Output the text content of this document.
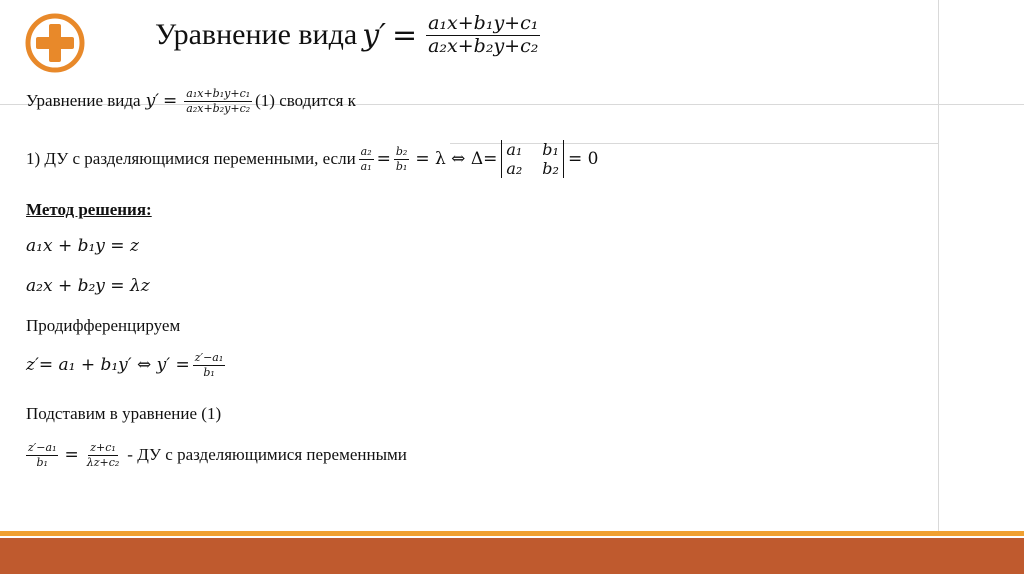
Уравнение вида $y' = \frac{\text{a₁x+b₁y+c₁}}{\text{a₂x+b₂y+c₂}}$
Уравнение вида $y' = \frac{\text{a₁x+b₁y+c₁}}{\text{a₂x+b₂y+c₂}} (1)$ сводится к
1) ДУ с разделяющимися переменными, если $\frac{\text{a₂}}{\text{a₁}} = \frac{\text{b₂}}{\text{b₁}} = \lambda$ ⇔ Δ= a₁ b₁
a₂ b₂ = 0
Метод решения:
a₁x + b₁y = z
a₂x + b₂y = λz
Продифференцируем
z′= a₁ + b₁y′ ⇔ $y' = \frac{\text{z′−a₁}}{\text{b₁}}$
Подставим в уравнение (1)
$\frac{\text{z′−a₁}}{\text{b₁}} = \frac{\text{z+c₁}}{\text{λz+c₂}}$ - ДУ с разделяющимися переменными
